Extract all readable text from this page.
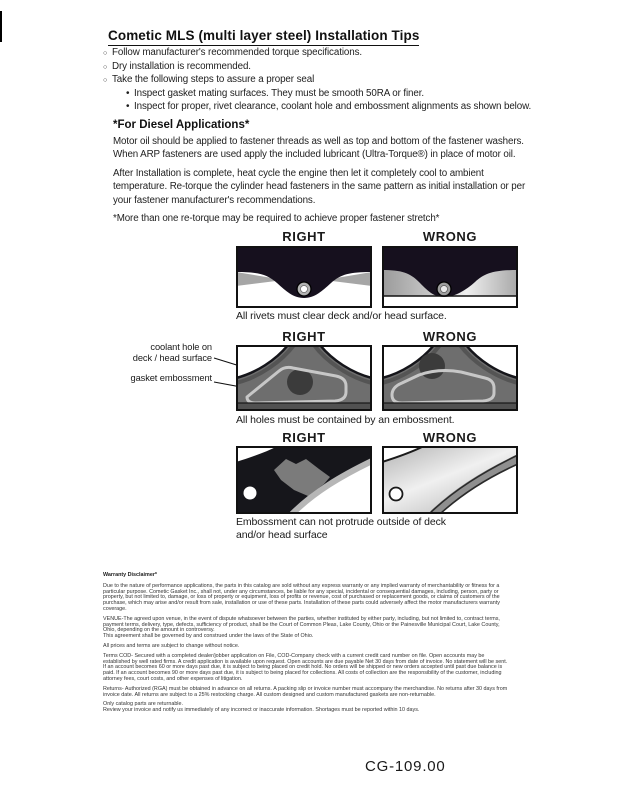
Cometic MLS (multi layer steel) Installation Tips
○ Follow manufacturer's recommended torque specifications.
○ Dry installation is recommended.
○ Take the following steps to assure a proper seal
• Inspect gasket mating surfaces. They must be smooth 50RA or finer.
• Inspect for proper, rivet clearance, coolant hole and embossment alignments as shown below.
*For Diesel Applications*
Motor oil should be applied to fastener threads as well as top and bottom of the fastener washers. When ARP fasteners are used apply the included lubricant (Ultra-Torque®) in place of motor oil.
After Installation is complete, heat cycle the engine then let it completely cool to ambient temperature. Re-torque the cylinder head fasteners in the same pattern as initial installation or per your fastener manufacturer's recommendations.
*More than one re-torque may be required to achieve proper fastener stretch*
RIGHT	WRONG
All rivets must clear deck and/or head surface.
RIGHT	WRONG
coolant hole on
deck / head surface
gasket embossment
All holes must be contained by an embossment.
RIGHT	WRONG
Embossment can not protrude outside of deck
and/or head surface
Warranty Disclaimer*

Due to the nature of performance applications, the parts in this catalog are sold without any express warranty or any implied warranty of merchantability or fitness for a particular purpose. Cometic Gasket Inc., shall not, under any circumstances, be liable for any special, incidental or consequential damages, including, person, party or property, but not limited to, damage, or loss of property or equipment, loss of profits or revenue, cost of purchased or replacement goods, or claims of customers of the purchase, which may arise and/or result from sale, installation or use of these parts. Installation of these parts could adversely affect the motor manufacturers warranty coverage.

VENUE-The agreed upon venue, in the event of dispute whatsoever between the parties, whether instituted by either party, including, but not limited to, contract terms, payment terms, delivery, type, defects, sufficiency of product, shall be the Court of Common Pleas, Lake County, Ohio or the Painesville Municipal Court, Lake County, Ohio, depending on the amount in controversy.

This agreement shall be governed by and construed under the laws of the State of Ohio.

All prices and terms are subject to change without notice.

Terms COD- Secured with a completed dealer/jobber application on File, COD-Company check with a current credit card number on file. Open accounts may be established by well rated firms. A credit application is available upon request. Open accounts are due payable Net 30 days from date of invoice. No statement will be sent. If an account becomes 60 or more days past due, it is subject to being placed on credit hold. No orders will be shipped or new orders accepted until past due balance is paid. If an account becomes 90 or more days past due, it is subject to being placed for collections. All costs of collection are the responsibility of the customer, including attorney fees, court costs, and other expenses of litigation.

Returns- Authorized (RGA) must be obtained in advance on all returns. A packing slip or invoice number must accompany the merchandise. No returns after 30 days from invoice date. All returns are subject to a 25% restocking charge. All custom designed and custom manufactured gaskets are non-returnable.

Only catalog parts are returnable.

Review your invoice and notify us immediately of any incorrect or inaccurate information. Shortages must be reported within 10 days.

CG-109.00
